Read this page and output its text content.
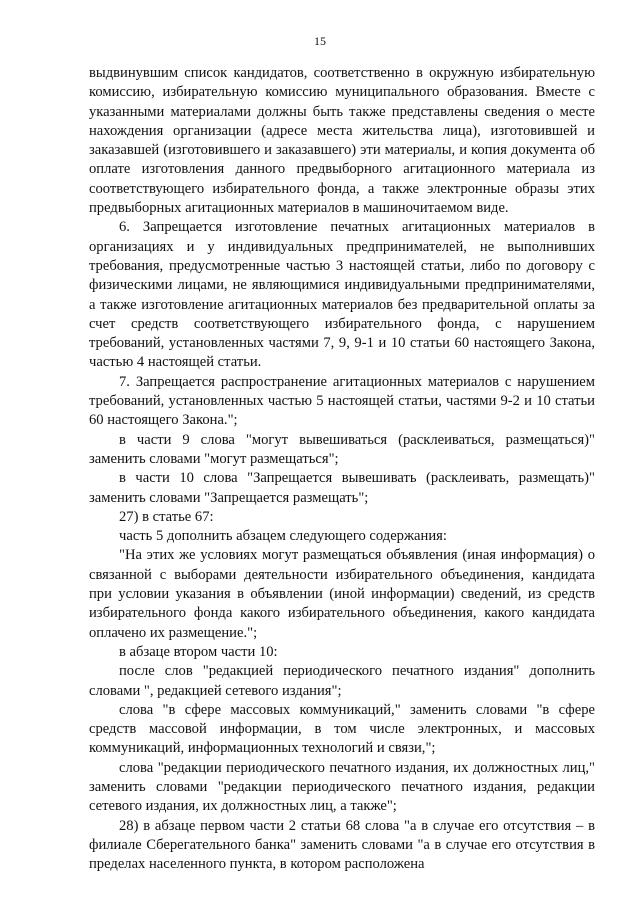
15

выдвинувшим список кандидатов, соответственно в окружную избирательную комиссию, избирательную комиссию муниципального образования. Вместе с указанными материалами должны быть также представлены сведения о месте нахождения организации (адресе места жительства лица), изготовившей и заказавшей (изготовившего и заказавшего) эти материалы, и копия документа об оплате изготовления данного предвыборного агитационного материала из соответствующего избирательного фонда, а также электронные образы этих предвыборных агитационных материалов в машиночитаемом виде.

6. Запрещается изготовление печатных агитационных материалов в организациях и у индивидуальных предпринимателей, не выполнивших требования, предусмотренные частью 3 настоящей статьи, либо по договору с физическими лицами, не являющимися индивидуальными предпринимателями, а также изготовление агитационных материалов без предварительной оплаты за счет средств соответствующего избирательного фонда, с нарушением требований, установленных частями 7, 9, 9-1 и 10 статьи 60 настоящего Закона, частью 4 настоящей статьи.

7. Запрещается распространение агитационных материалов с нарушением требований, установленных частью 5 настоящей статьи, частями 9-2 и 10 статьи 60 настоящего Закона.";

в части 9 слова "могут вывешиваться (расклеиваться, размещаться)" заменить словами "могут размещаться";

в части 10 слова "Запрещается вывешивать (расклеивать, размещать)" заменить словами "Запрещается размещать";

27) в статье 67:

часть 5 дополнить абзацем следующего содержания:

"На этих же условиях могут размещаться объявления (иная информация) о связанной с выборами деятельности избирательного объединения, кандидата при условии указания в объявлении (иной информации) сведений, из средств избирательного фонда какого избирательного объединения, какого кандидата оплачено их размещение.";

в абзаце втором части 10:

после слов "редакцией периодического печатного издания" дополнить словами ", редакцией сетевого издания";

слова "в сфере массовых коммуникаций," заменить словами "в сфере средств массовой информации, в том числе электронных, и массовых коммуникаций, информационных технологий и связи,";

слова "редакции периодического печатного издания, их должностных лиц," заменить словами "редакции периодического печатного издания, редакции сетевого издания, их должностных лиц, а также";

28) в абзаце первом части 2 статьи 68 слова "а в случае его отсутствия – в филиале Сберегательного банка" заменить словами "а в случае его отсутствия в пределах населенного пункта, в котором расположена
